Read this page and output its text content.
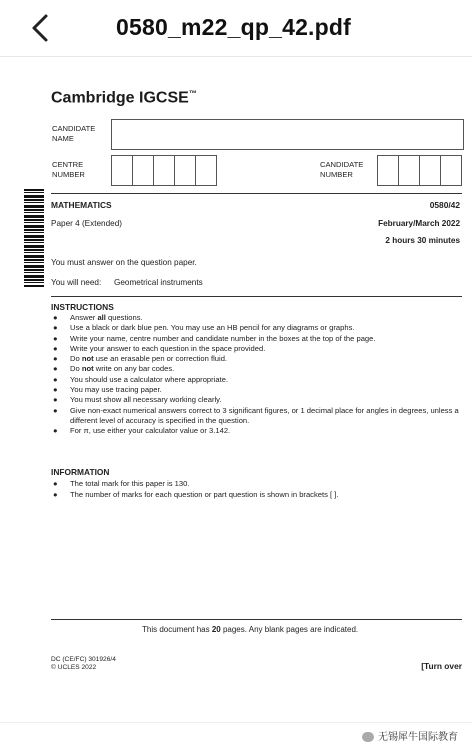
0580_m22_qp_42.pdf
Cambridge IGCSE™
CANDIDATE
NAME
CENTRE
NUMBER
CANDIDATE
NUMBER
MATHEMATICS	0580/42
Paper 4 (Extended)	February/March 2022
2 hours 30 minutes
You must answer on the question paper.
You will need: Geometrical instruments
INSTRUCTIONS
● Answer all questions.
● Use a black or dark blue pen. You may use an HB pencil for any diagrams or graphs.
● Write your name, centre number and candidate number in the boxes at the top of the page.
● Write your answer to each question in the space provided.
● Do not use an erasable pen or correction fluid.
● Do not write on any bar codes.
● You should use a calculator where appropriate.
● You may use tracing paper.
● You must show all necessary working clearly.
● Give non-exact numerical answers correct to 3 significant figures, or 1 decimal place for angles in degrees, unless a different level of accuracy is specified in the question.
● For π, use either your calculator value or 3.142.
INFORMATION
● The total mark for this paper is 130.
● The number of marks for each question or part question is shown in brackets [ ].
This document has 20 pages. Any blank pages are indicated.
DC (CE/FC) 301926/4
© UCLES 2022	[Turn over
无锡犀牛国际教育
